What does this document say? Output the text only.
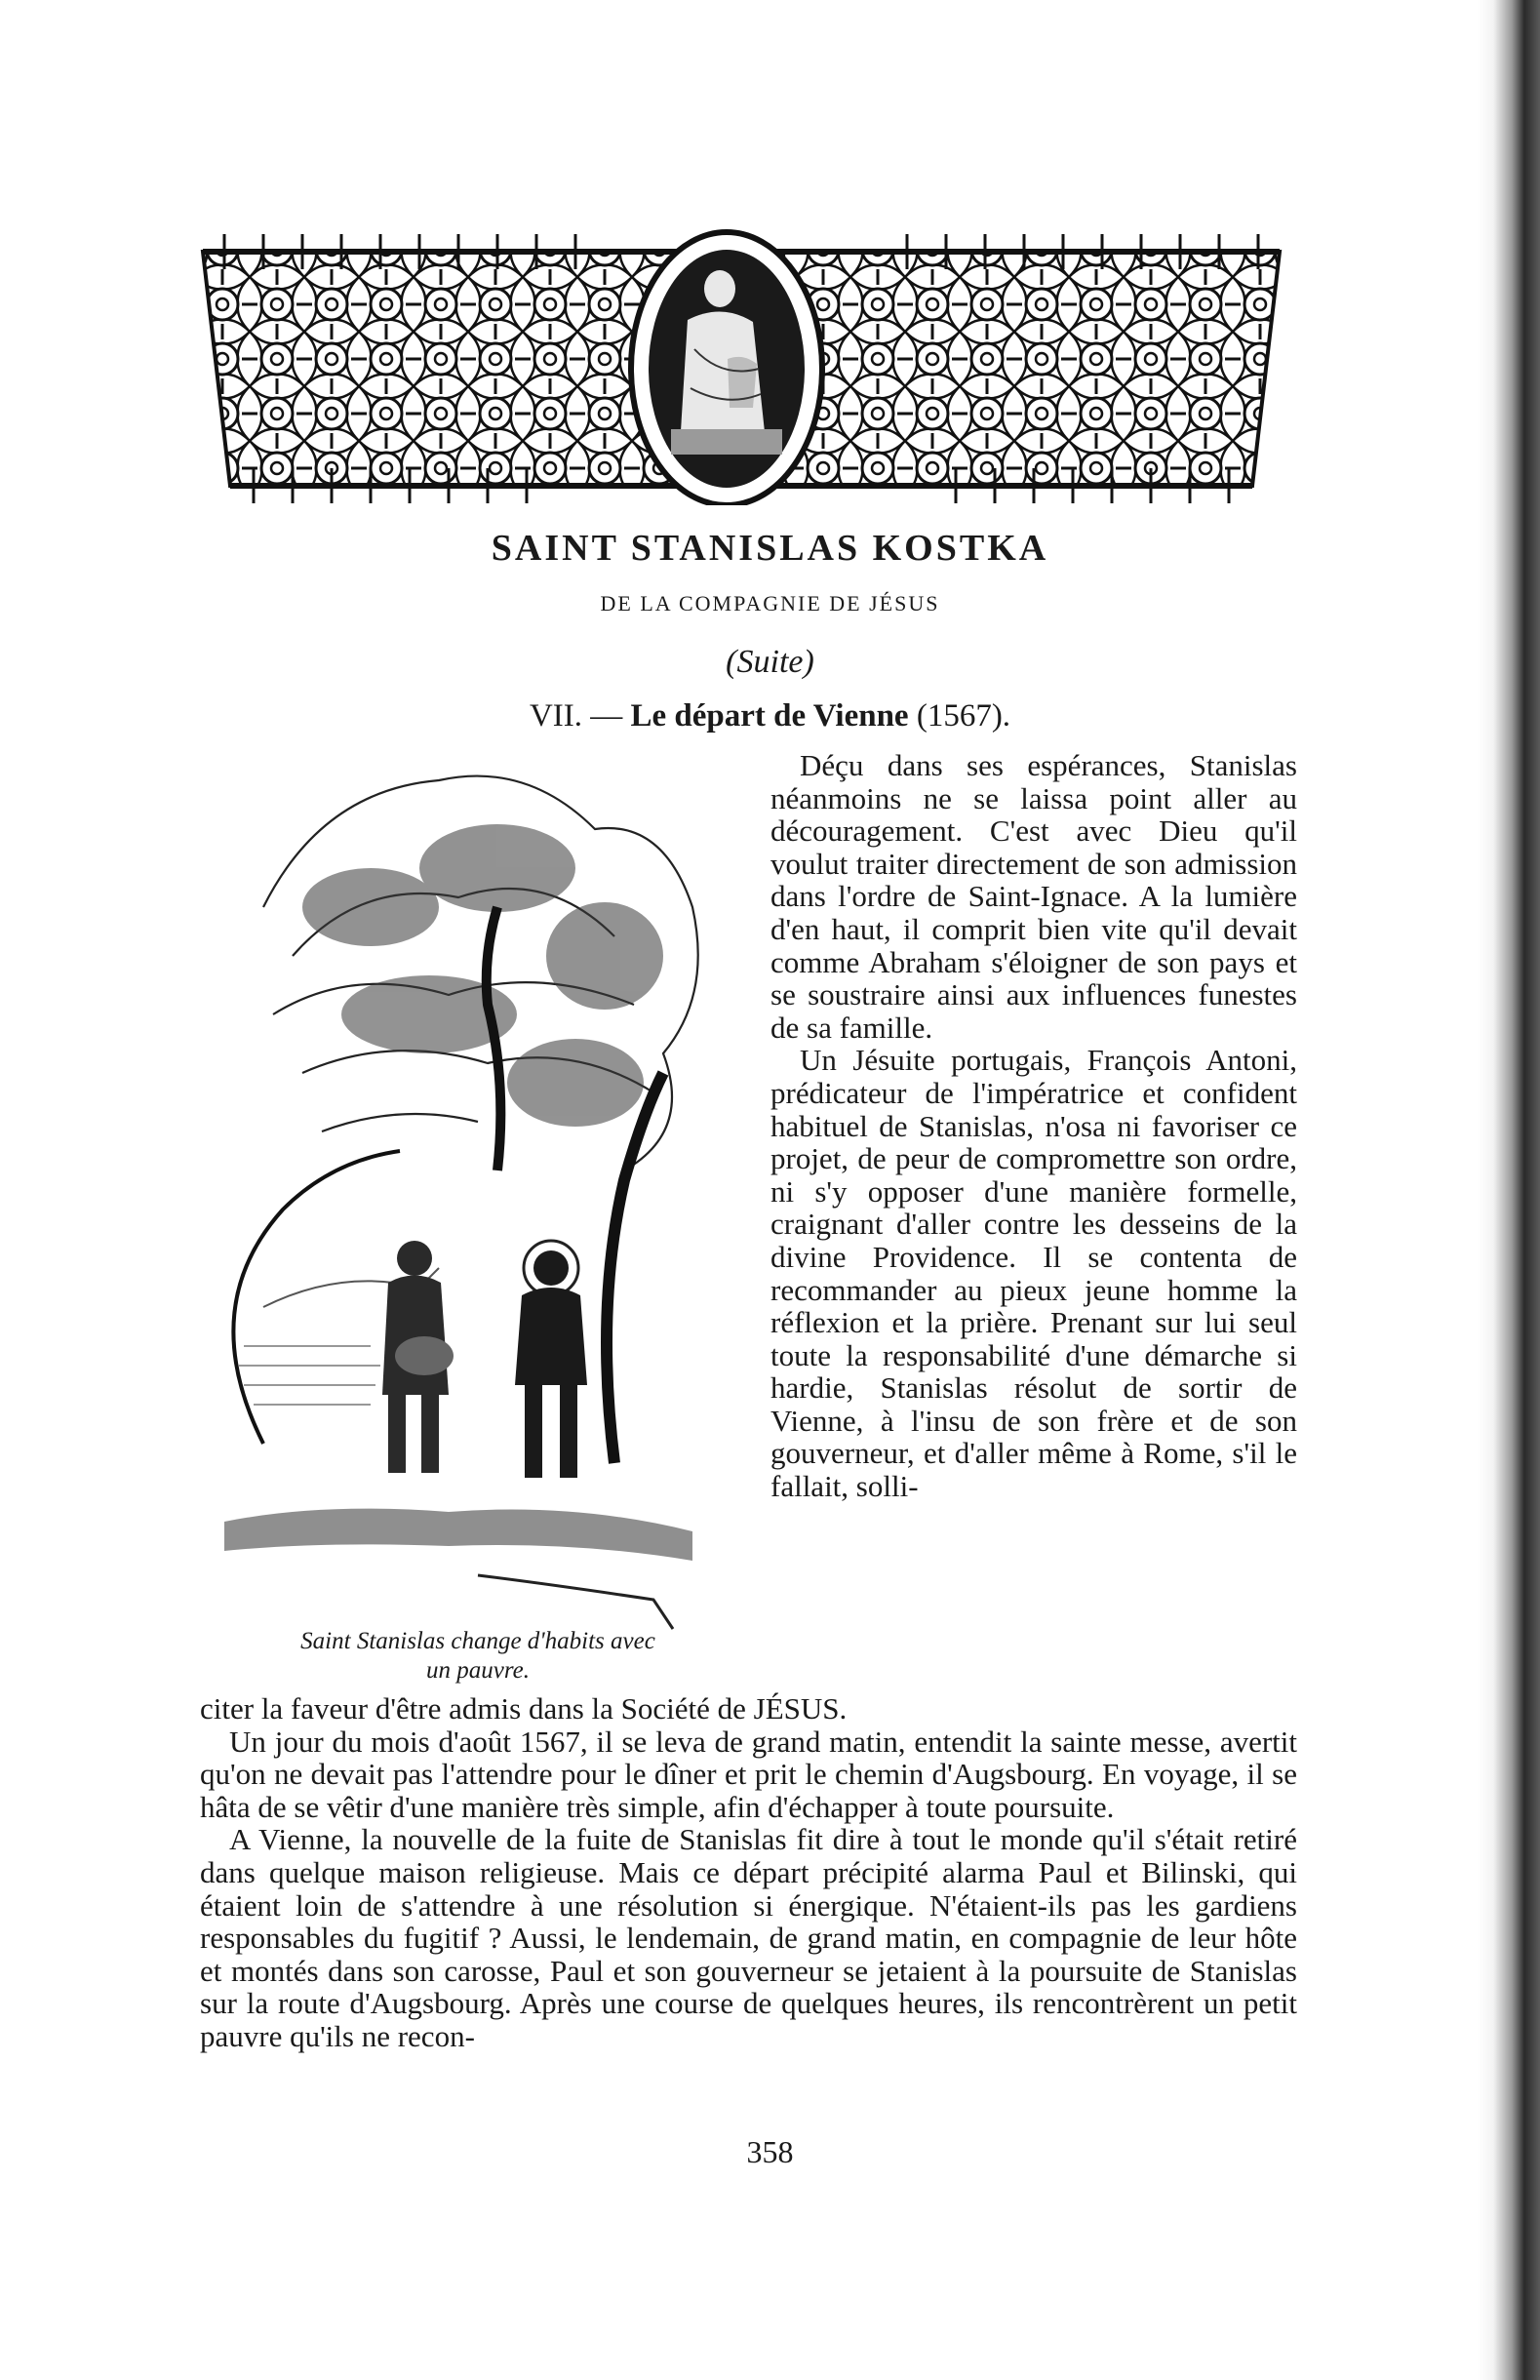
SAINT STANISLAS KOSTKA
DE LA COMPAGNIE DE JÉSUS
(Suite)
VII. — Le départ de Vienne (1567).
Saint Stanislas change d'habits avec
un pauvre.

Déçu dans ses espérances, Stanislas néanmoins ne se laissa point aller au découragement. C'est avec Dieu qu'il voulut traiter directement de son admission dans l'ordre de Saint-Ignace. A la lumière d'en haut, il comprit bien vite qu'il devait comme Abraham s'éloigner de son pays et se soustraire ainsi aux influences funestes de sa famille.

Un Jésuite portugais, François Antoni, prédicateur de l'impératrice et confident habituel de Stanislas, n'osa ni favoriser ce projet, de peur de compromettre son ordre, ni s'y opposer d'une manière formelle, craignant d'aller contre les desseins de la divine Providence. Il se contenta de recommander au pieux jeune homme la réflexion et la prière. Prenant sur lui seul toute la responsabilité d'une démarche si hardie, Stanislas résolut de sortir de Vienne, à l'insu de son frère et de son gouverneur, et d'aller même à Rome, s'il le fallait, solli-

citer la faveur d'être admis dans la Société de JÉSUS.

Un jour du mois d'août 1567, il se leva de grand matin, entendit la sainte messe, avertit qu'on ne devait pas l'attendre pour le dîner et prit le chemin d'Augsbourg. En voyage, il se hâta de se vêtir d'une manière très simple, afin d'échapper à toute poursuite.

A Vienne, la nouvelle de la fuite de Stanislas fit dire à tout le monde qu'il s'était retiré dans quelque maison religieuse. Mais ce départ précipité alarma Paul et Bilinski, qui étaient loin de s'attendre à une résolution si énergique. N'étaient-ils pas les gardiens responsables du fugitif ? Aussi, le lendemain, de grand matin, en compagnie de leur hôte et montés dans son carosse, Paul et son gouverneur se jetaient à la poursuite de Stanislas sur la route d'Augsbourg. Après une course de quelques heures, ils rencontrèrent un petit pauvre qu'ils ne recon-

358
